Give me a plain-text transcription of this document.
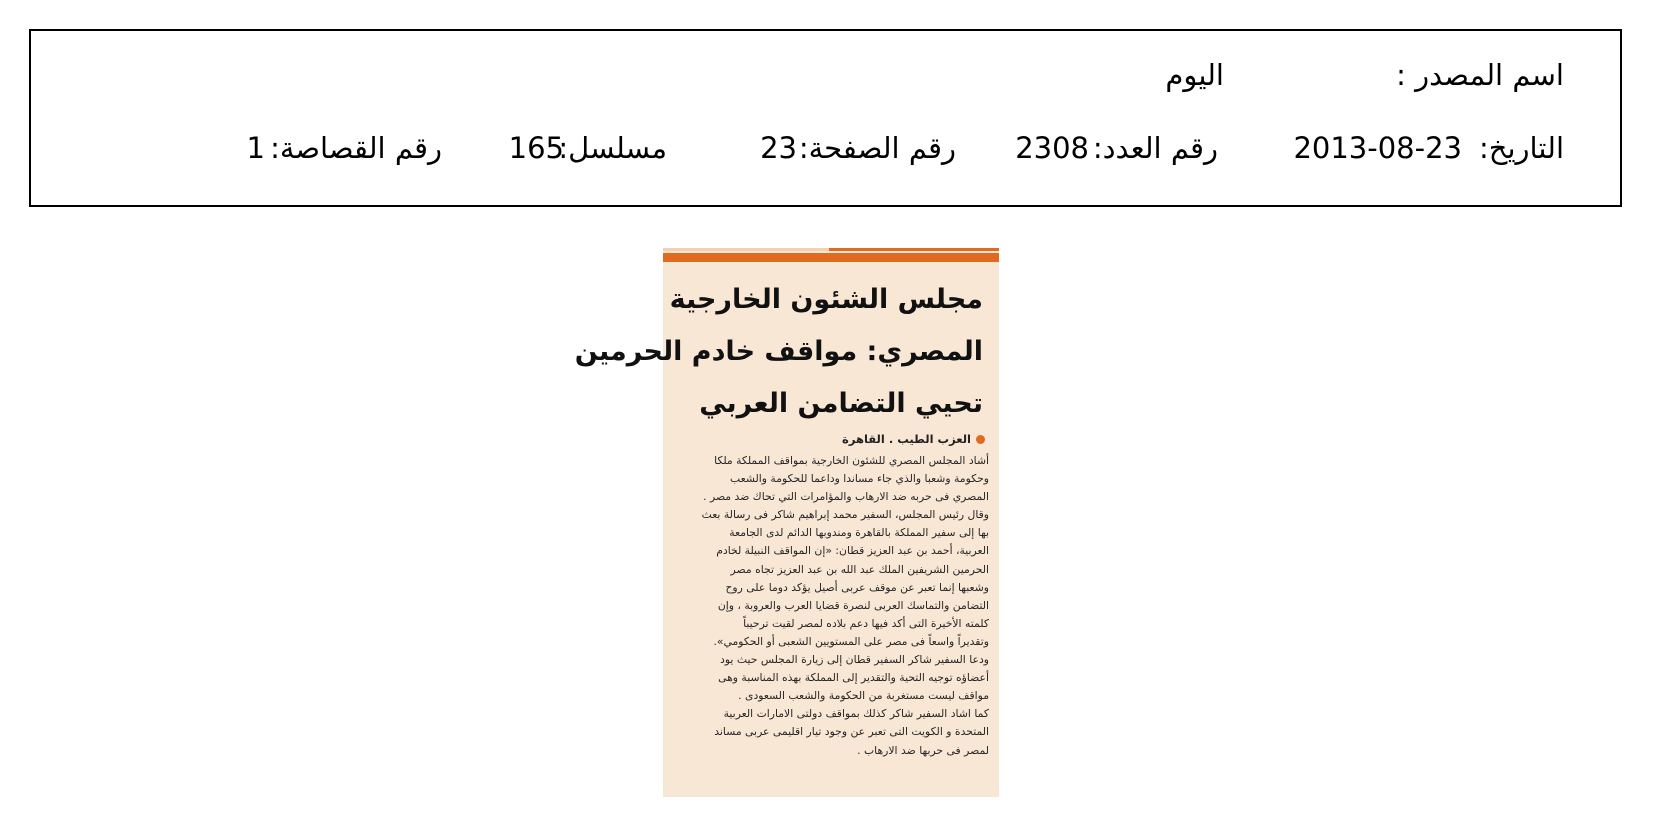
اسم المصدر :
اليوم
التاريخ:
2013-08-23
رقم العدد:
2308
رقم الصفحة:
23
مسلسل:
165
رقم القصاصة:
1
مجلس الشئون الخارجية
المصري: مواقف خادم الحرمين
تحيي التضامن العربي
العزب الطيب . القاهرة
أشاد المجلس المصري للشئون الخارجية بمواقف المملكة ملكا
وحكومة وشعبا والذي جاء مساندا وداعما للحكومة والشعب
المصري فى حربه ضد الارهاب والمؤامرات التي تحاك ضد مصر .
وقال رئيس المجلس، السفير محمد إبراهيم شاكر فى رسالة بعث
بها إلى سفير المملكة بالقاهرة ومندوبها الدائم لدى الجامعة
العربية، أحمد بن عبد العزيز قطان: «إن المواقف النبيلة لخادم
الحرمين الشريفين الملك عبد الله بن عبد العزيز تجاه مصر
وشعبها إنما تعبر عن موقف عربى أصيل يؤكد دوما على روح
التضامن والتماسك العربى لنصرة قضايا العرب والعروبة ، وإن
كلمته الأخيرة التى أكد فيها دعم بلاده لمصر لقيت ترحيباً
وتقديراً واسعاً فى مصر على المستويين الشعبى أو الحكومي».
ودعا السفير شاكر السفير قطان إلى زيارة المجلس حيث يود
أعضاؤه توجيه التحية والتقدير إلى المملكة بهذه المناسبة وهى
مواقف ليست مستغربة من الحكومة والشعب السعودى .
كما اشاد السفير شاكر كذلك بمواقف دولتى الامارات العربية
المتحدة و الكويت التى تعبر عن وجود تيار اقليمى عربى مساند
لمصر فى حربها ضد الارهاب .
